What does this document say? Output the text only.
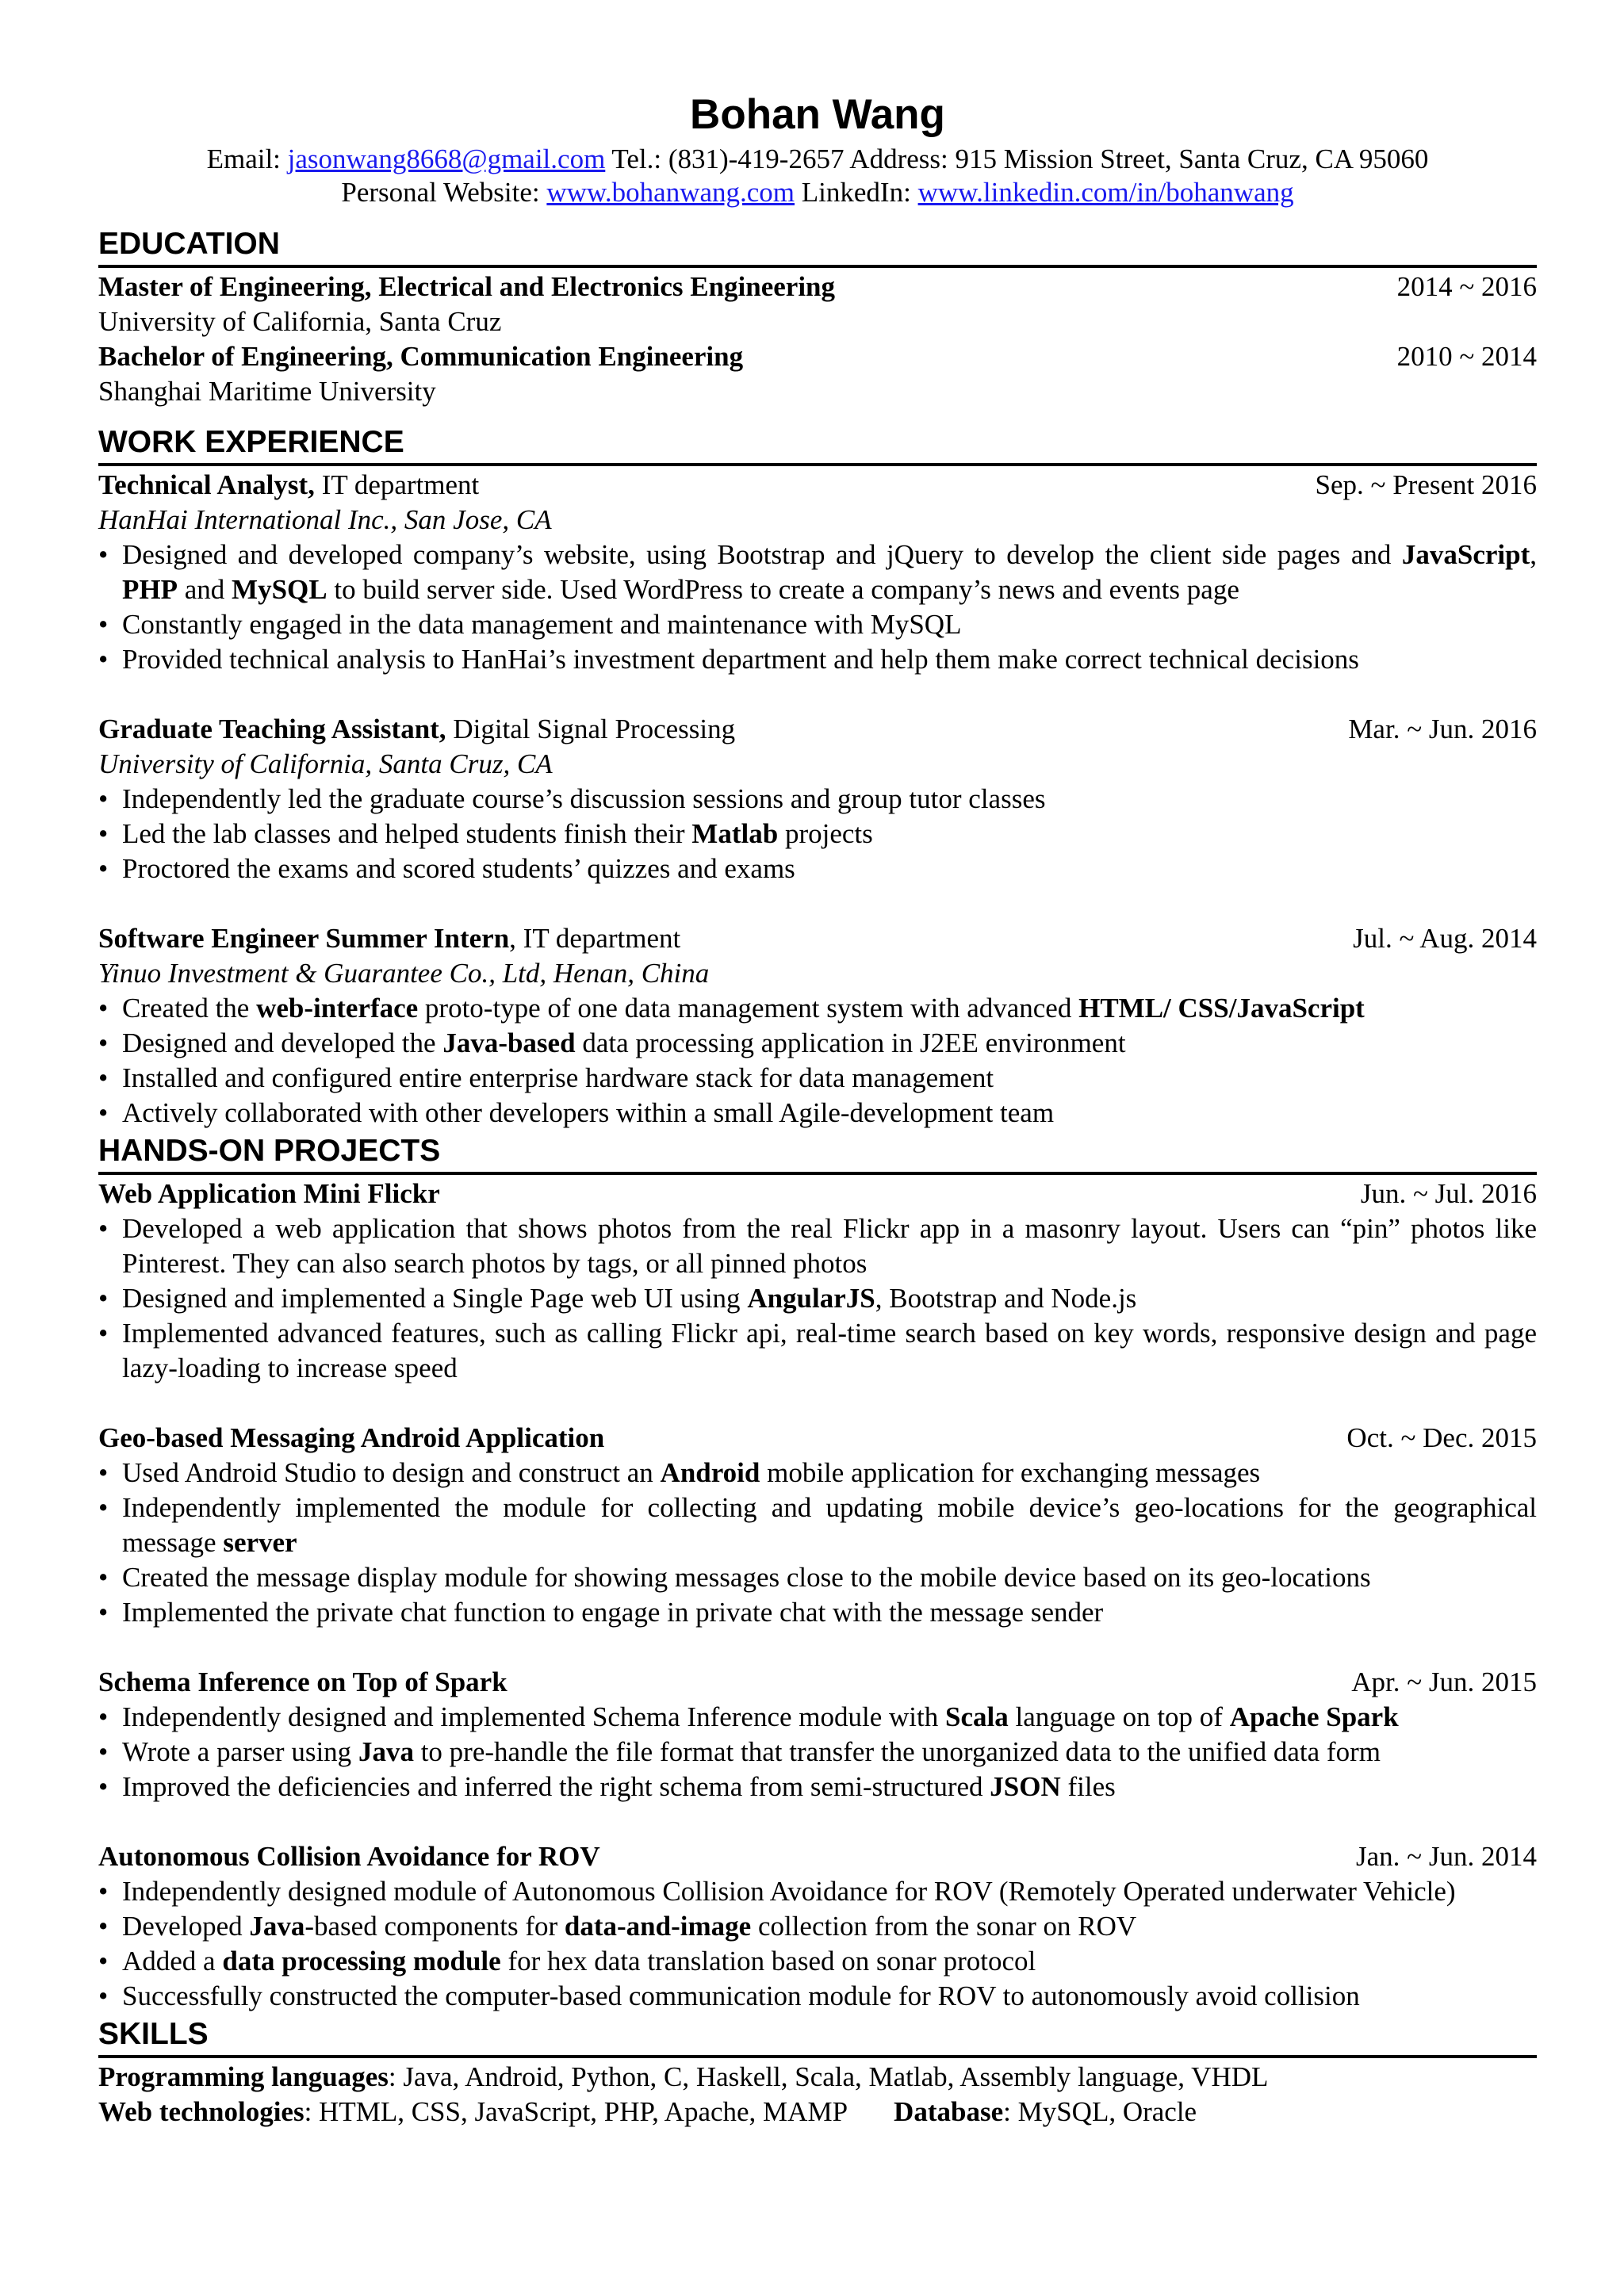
Bohan Wang
Email: jasonwang8668@gmail.com Tel.: (831)-419-2657 Address: 915 Mission Street, Santa Cruz, CA 95060
Personal Website: www.bohanwang.com LinkedIn: www.linkedin.com/in/bohanwang
EDUCATION
Master of Engineering, Electrical and Electronics Engineering	2014 ~ 2016
University of California, Santa Cruz
Bachelor of Engineering, Communication Engineering	2010 ~ 2014
Shanghai Maritime University
WORK EXPERIENCE
Technical Analyst, IT department	Sep. ~ Present 2016
HanHai International Inc., San Jose, CA
• Designed and developed company’s website, using Bootstrap and jQuery to develop the client side pages and JavaScript, PHP and MySQL to build server side. Used WordPress to create a company’s news and events page
• Constantly engaged in the data management and maintenance with MySQL
• Provided technical analysis to HanHai’s investment department and help them make correct technical decisions
Graduate Teaching Assistant, Digital Signal Processing	Mar. ~ Jun. 2016
University of California, Santa Cruz, CA
• Independently led the graduate course’s discussion sessions and group tutor classes
• Led the lab classes and helped students finish their Matlab projects
• Proctored the exams and scored students’ quizzes and exams
Software Engineer Summer Intern, IT department	Jul. ~ Aug. 2014
Yinuo Investment & Guarantee Co., Ltd, Henan, China
• Created the web-interface proto-type of one data management system with advanced HTML/ CSS/JavaScript
• Designed and developed the Java-based data processing application in J2EE environment
• Installed and configured entire enterprise hardware stack for data management
• Actively collaborated with other developers within a small Agile-development team
HANDS-ON PROJECTS
Web Application Mini Flickr	Jun. ~ Jul. 2016
• Developed a web application that shows photos from the real Flickr app in a masonry layout. Users can “pin” photos like Pinterest. They can also search photos by tags, or all pinned photos
• Designed and implemented a Single Page web UI using AngularJS, Bootstrap and Node.js
• Implemented advanced features, such as calling Flickr api, real-time search based on key words, responsive design and page lazy-loading to increase speed
Geo-based Messaging Android Application	Oct. ~ Dec. 2015
• Used Android Studio to design and construct an Android mobile application for exchanging messages
• Independently implemented the module for collecting and updating mobile device’s geo-locations for the geographical message server
• Created the message display module for showing messages close to the mobile device based on its geo-locations
• Implemented the private chat function to engage in private chat with the message sender
Schema Inference on Top of Spark	Apr. ~ Jun. 2015
• Independently designed and implemented Schema Inference module with Scala language on top of Apache Spark
• Wrote a parser using Java to pre-handle the file format that transfer the unorganized data to the unified data form
• Improved the deficiencies and inferred the right schema from semi-structured JSON files
Autonomous Collision Avoidance for ROV	Jan. ~ Jun. 2014
• Independently designed module of Autonomous Collision Avoidance for ROV (Remotely Operated underwater Vehicle)
• Developed Java-based components for data-and-image collection from the sonar on ROV
• Added a data processing module for hex data translation based on sonar protocol
• Successfully constructed the computer-based communication module for ROV to autonomously avoid collision
SKILLS
Programming languages: Java, Android, Python, C, Haskell, Scala, Matlab, Assembly language, VHDL
Web technologies: HTML, CSS, JavaScript, PHP, Apache, MAMP Database: MySQL, Oracle
